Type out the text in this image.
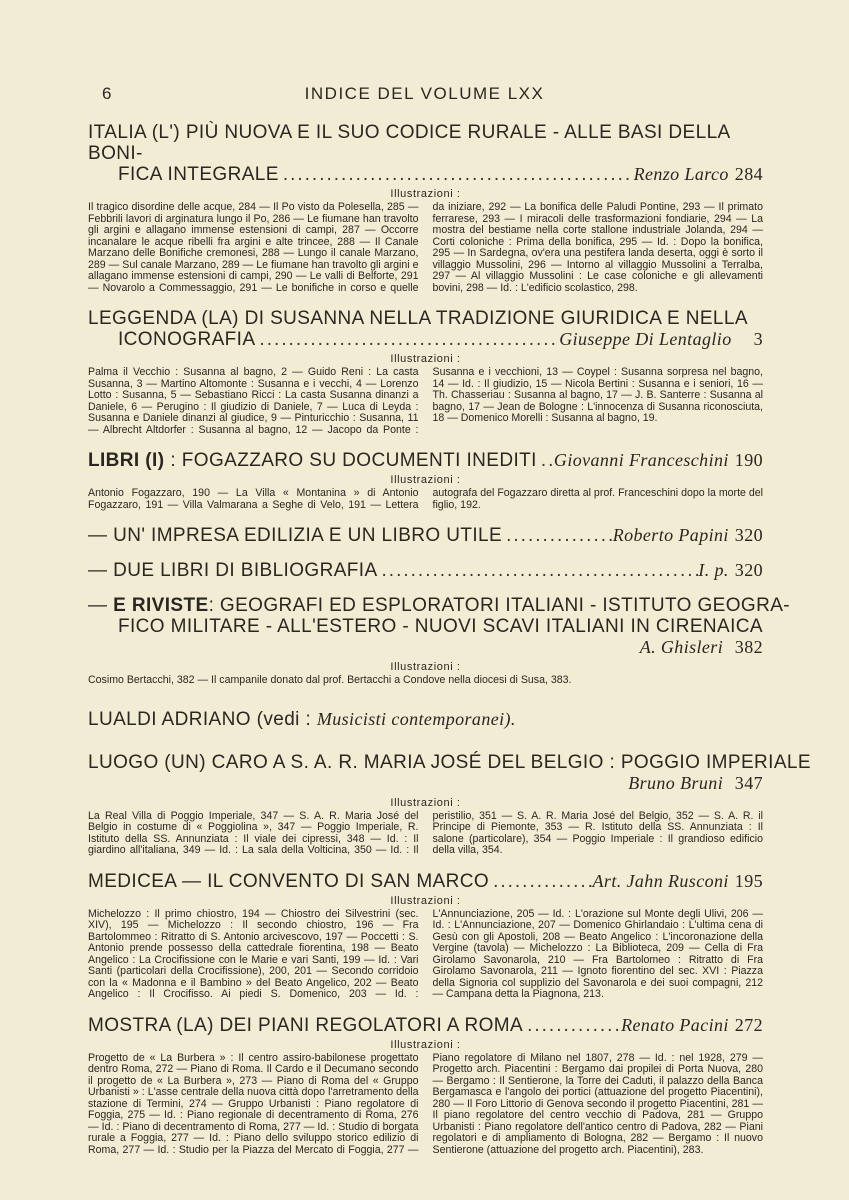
6	INDICE DEL VOLUME LXX
ITALIA (L') PIÙ NUOVA E IL SUO CODICE RURALE - ALLE BASI DELLA BONI-
FICA INTEGRALE .....	Renzo Larco 284
Illustrazioni :

Il tragico disordine delle acque, 284 — Il Po visto da Polesella, 285 — Febbrili lavori di arginatura lungo il Po, 286 — Le fiumane han travolto gli argini e allagano immense estensioni di campi, 287 — Occorre incanalare le acque ribelli fra argini e alte trincee, 288 — Il Canale Marzano delle Bonifiche cremonesi, 288 — Lungo il canale Marzano, 289 — Sul canale Marzano, 289 — Le fiumane han travolto gli argini e allagano immense estensioni di campi, 290 — Le valli di Belforte, 291 — Novarolo a Commessaggio, 291 — Le bonifiche in corso e quelle da iniziare, 292 — La bonifica delle Paludi Pontine, 293 — Il primato ferrarese, 293 — I miracoli delle trasformazioni fondiarie, 294 — La mostra del bestiame nella corte stallone industriale Jolanda, 294 — Corti coloniche : Prima della bonifica, 295 — Id. : Dopo la bonifica, 295 — In Sardegna, ov'era una pestifera landa deserta, oggi è sorto il villaggio Mussolini, 296 — Intorno al villaggio Mussolini a Terralba, 297 — Al villaggio Mussolini : Le case coloniche e gli allevamenti bovini, 298 — Id. : L'edificio scolastico, 298.

LEGGENDA (LA) DI SUSANNA NELLA TRADIZIONE GIURIDICA E NELLA
ICONOGRAFIA .....	Giuseppe Di Lentaglio	3
Illustrazioni :

Palma il Vecchio : Susanna al bagno, 2 — Guido Reni : La casta Susanna, 3 — Martino Altomonte : Susanna e i vecchi, 4 — Lorenzo Lotto : Susanna, 5 — Sebastiano Ricci : La casta Susanna dinanzi a Daniele, 6 — Perugino : Il giudizio di Daniele, 7 — Luca di Leyda : Susanna e Daniele dinanzi al giudice, 9 — Pinturicchio : Susanna, 11 — Albrecht Altdorfer : Susanna al bagno, 12 — Jacopo da Ponte : Susanna e i vecchioni, 13 — Coypel : Susanna sorpresa nel bagno, 14 — Id. : Il giudizio, 15 — Nicola Bertini : Susanna e i seniori, 16 — Th. Chasseriau : Susanna al bagno, 17 — J. B. Santerre : Susanna al bagno, 17 — Jean de Bologne : L'innocenza di Susanna riconosciuta, 18 — Domenico Morelli : Susanna al bagno, 19.

LIBRI (I) : FOGAZZARO SU DOCUMENTI INEDITI ..... Giovanni Franceschini 190
Illustrazioni :

Antonio Fogazzaro, 190 — La Villa « Montanina » di Antonio Fogazzaro, 191 — Villa Valmarana a Seghe di Velo, 191 — Lettera autografa del Fogazzaro diretta al prof. Franceschini dopo la morte del figlio, 192.

— UN' IMPRESA EDILIZIA E UN LIBRO UTILE .....	Roberto Papini 320
— DUE LIBRI DI BIBLIOGRAFIA .....	I. p. 320
— E RIVISTE: GEOGRAFI ED ESPLORATORI ITALIANI - ISTITUTO GEOGRA-
FICO MILITARE - ALL'ESTERO - NUOVI SCAVI ITALIANI IN CIRENAICA
A. Ghisleri 382
Illustrazioni :

Cosimo Bertacchi, 382 — Il campanile donato dal prof. Bertacchi a Condove nella diocesi di Susa, 383.

LUALDI ADRIANO (vedi : Musicisti contemporanei).
LUOGO (UN) CARO A S. A. R. MARIA JOSÉ DEL BELGIO : POGGIO IMPERIALE
Bruno Bruni 347
Illustrazioni :

La Real Villa di Poggio Imperiale, 347 — S. A. R. Maria José del Belgio in costume di « Poggiolina », 347 — Poggio Imperiale, R. Istituto della SS. Annunziata : Il viale dei cipressi, 348 — Id. : Il giardino all'italiana, 349 — Id. : La sala della Volticina, 350 — Id. : Il peristilio, 351 — S. A. R. Maria José del Belgio, 352 — S. A. R. il Principe di Piemonte, 353 — R. Istituto della SS. Annunziata : Il salone (particolare), 354 — Poggio Imperiale : Il grandioso edificio della villa, 354.

MEDICEA — IL CONVENTO DI SAN MARCO .....	Art. Jahn Rusconi 195
Illustrazioni :

Michelozzo : Il primo chiostro, 194 — Chiostro dei Silvestrini (sec. XIV), 195 — Michelozzo : Il secondo chiostro, 196 — Fra Bartolommeo : Ritratto di S. Antonio arcivescovo, 197 — Poccetti : S. Antonio prende possesso della cattedrale fiorentina, 198 — Beato Angelico : La Crocifissione con le Marie e vari Santi, 199 — Id. : Vari Santi (particolari della Crocifissione), 200, 201 — Secondo corridoio con la « Madonna e il Bambino » del Beato Angelico, 202 — Beato Angelico : Il Crocifisso. Ai piedi S. Domenico, 203 — Id. : L'Annunciazione, 205 — Id. : L'orazione sul Monte degli Ulivi, 206 — Id. : L'Annunciazione, 207 — Domenico Ghirlandaio : L'ultima cena di Gesù con gli Apostoli, 208 — Beato Angelico : L'incoronazione della Vergine (tavola) — Michelozzo : La Biblioteca, 209 — Cella di Fra Girolamo Savonarola, 210 — Fra Bartolomeo : Ritratto di Fra Girolamo Savonarola, 211 — Ignoto fiorentino del sec. XVI : Piazza della Signoria col supplizio del Savonarola e dei suoi compagni, 212 — Campana detta la Piagnona, 213.

MOSTRA (LA) DEI PIANI REGOLATORI A ROMA .....	Renato Pacini 272
Illustrazioni :

Progetto de « La Burbera » : Il centro assiro-babilonese progettato dentro Roma, 272 — Piano di Roma. Il Cardo e il Decumano secondo il progetto de « La Burbera », 273 — Piano di Roma del « Gruppo Urbanisti » : L'asse centrale della nuova città dopo l'arretramento della stazione di Termini, 274 — Gruppo Urbanisti : Piano regolatore di Foggia, 275 — Id. : Piano regionale di decentramento di Roma, 276 — Id. : Piano di decentramento di Roma, 277 — Id. : Studio di borgata rurale a Foggia, 277 — Id. : Piano dello sviluppo storico edilizio di Roma, 277 — Id. : Studio per la Piazza del Mercato di Foggia, 277 — Piano regolatore di Milano nel 1807, 278 — Id. : nel 1928, 279 — Progetto arch. Piacentini : Bergamo dai propilei di Porta Nuova, 280 — Bergamo : Il Sentierone, la Torre dei Caduti, il palazzo della Banca Bergamasca e l'angolo dei portici (attuazione del progetto Piacentini), 280 — Il Foro Littorio di Genova secondo il progetto Piacentini, 281 — Il piano regolatore del centro vecchio di Padova, 281 — Gruppo Urbanisti : Piano regolatore dell'antico centro di Padova, 282 — Piani regolatori e di ampliamento di Bologna, 282 — Bergamo : Il nuovo Sentierone (attuazione del progetto arch. Piacentini), 283.
